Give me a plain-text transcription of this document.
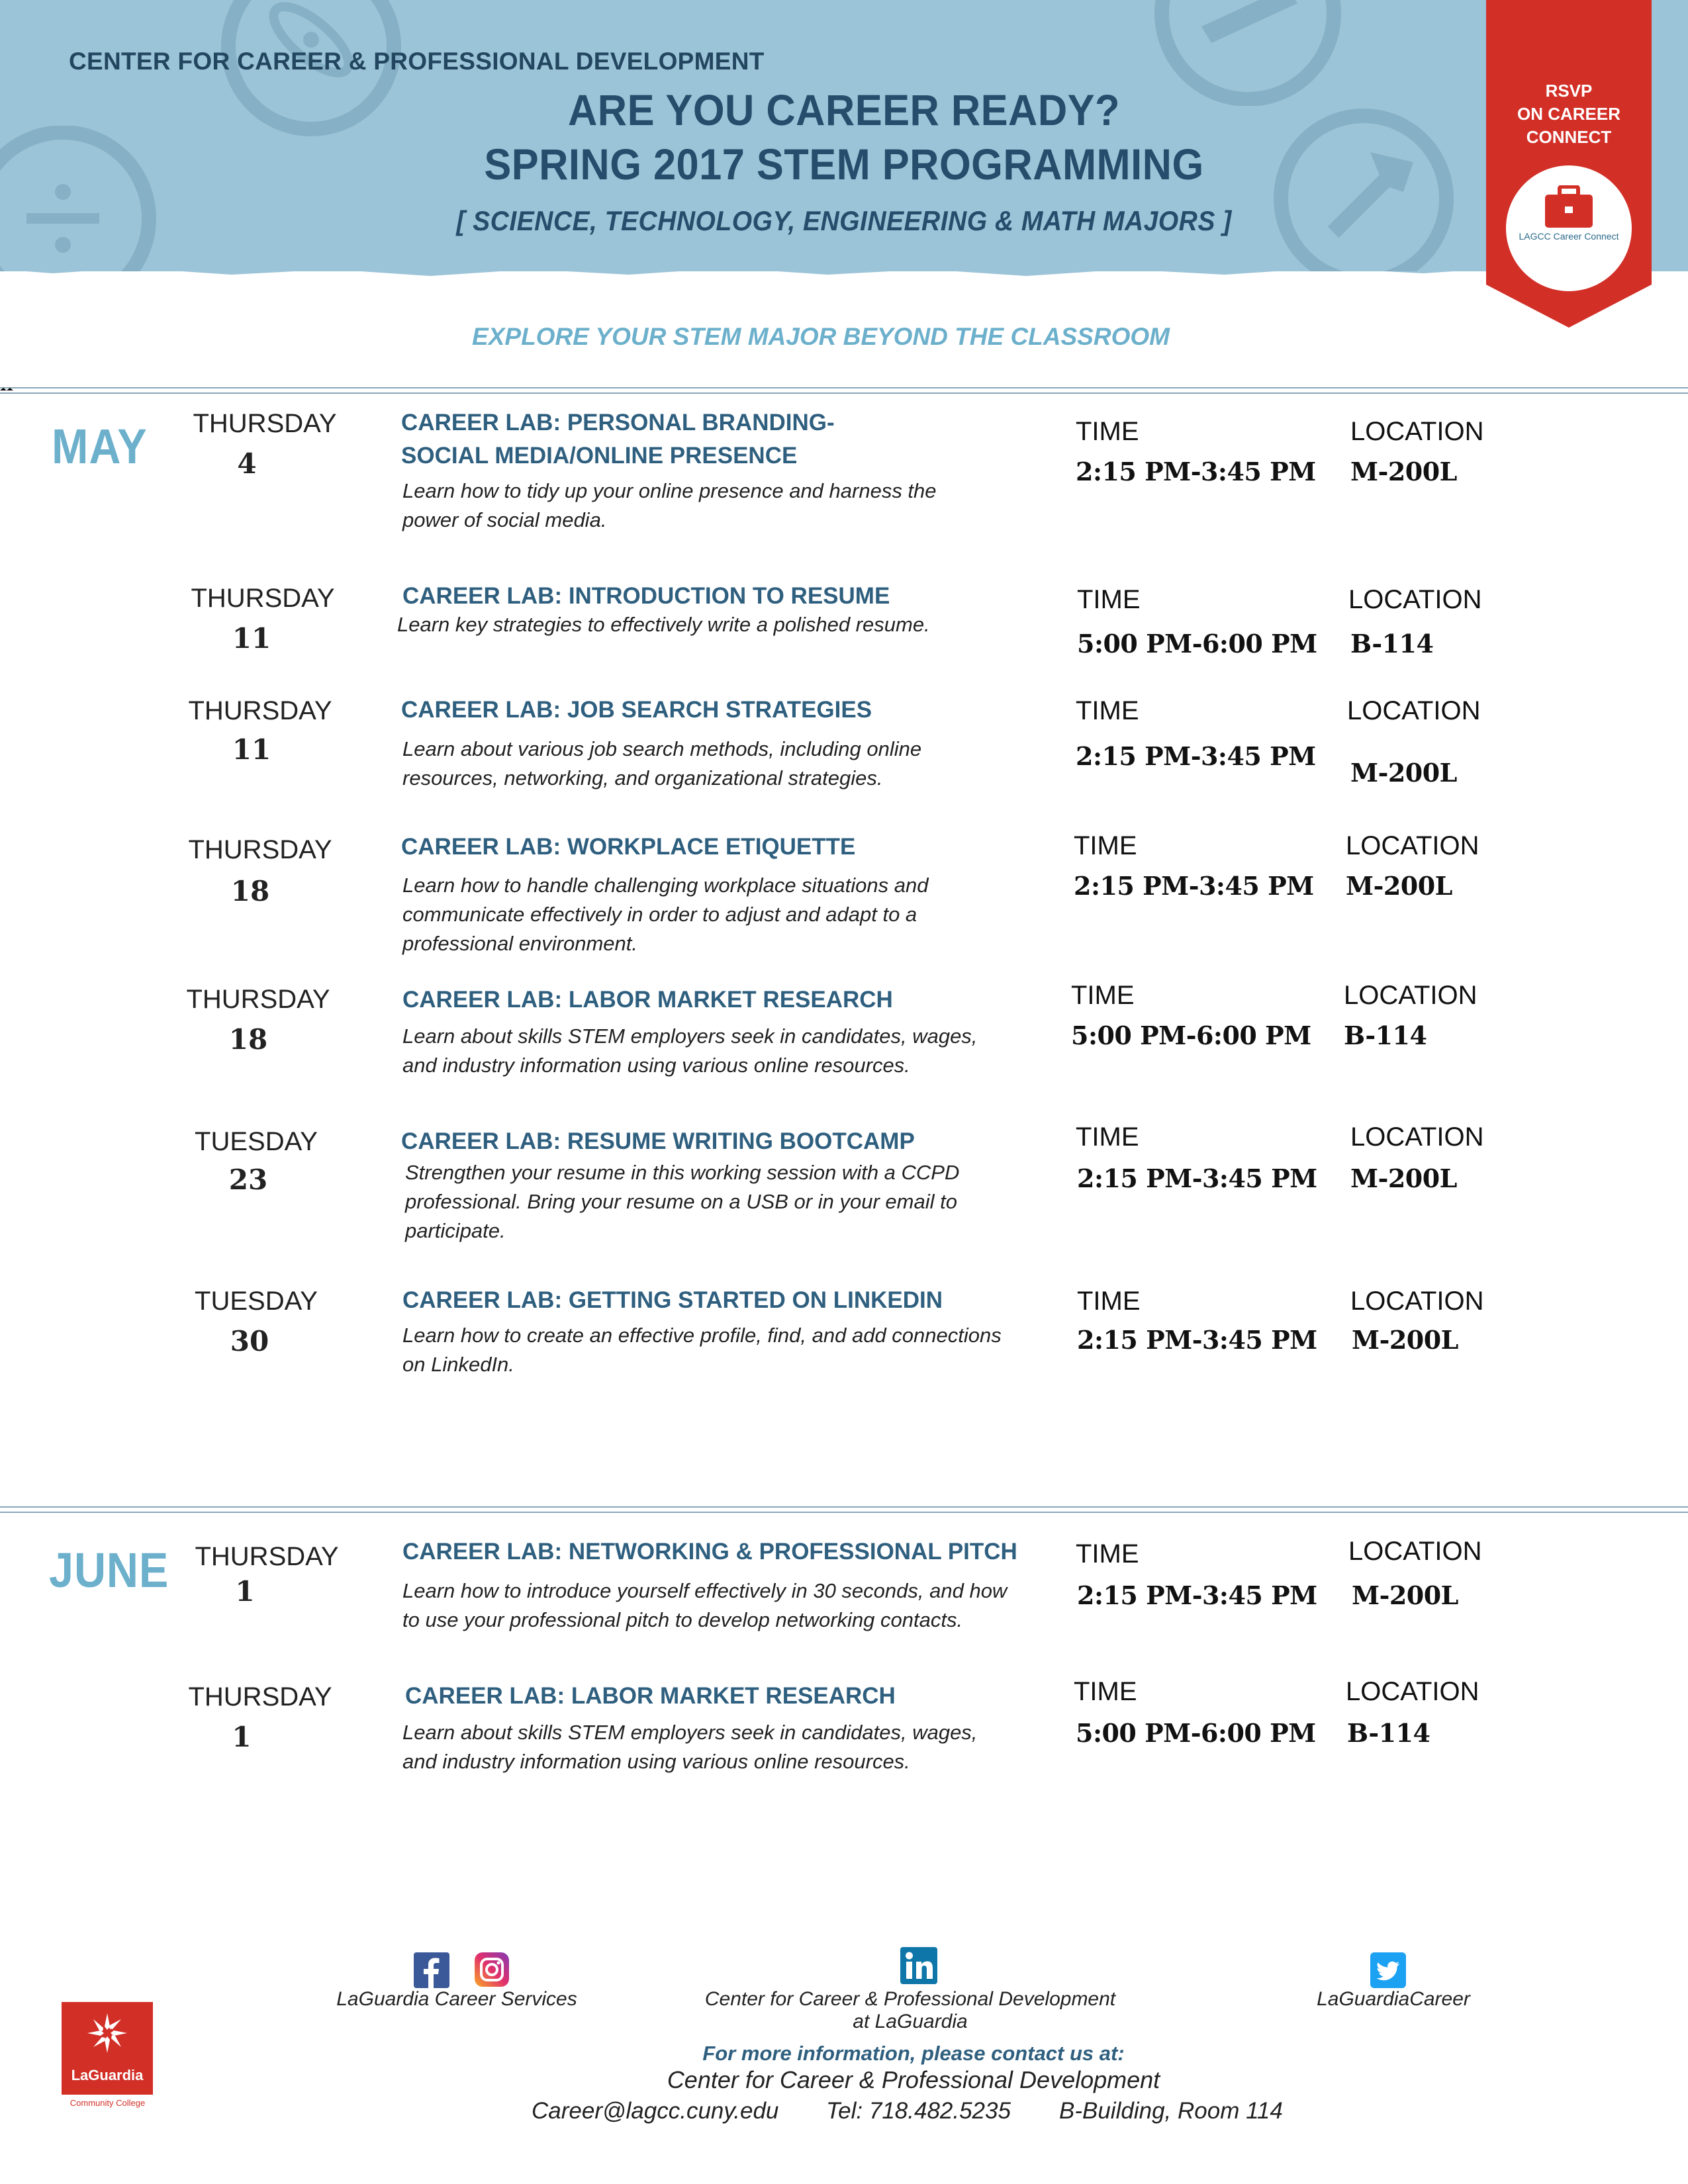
CENTER FOR CAREER & PROFESSIONAL DEVELOPMENT
ARE YOU CAREER READY?
SPRING 2017 STEM PROGRAMMING
[ SCIENCE, TECHNOLOGY, ENGINEERING & MATH MAJORS ]
RSVP
ON CAREER
CONNECT
LAGCC Career Connect
EXPLORE YOUR STEM MAJOR BEYOND THE CLASSROOM
MAY THURSDAY
4
CAREER LAB: PERSONAL BRANDING-
SOCIAL MEDIA/ONLINE PRESENCE
Learn how to tidy up your online presence and harness the
power of social media.
TIME
2:15 PM-3:45 PM
LOCATION
M-200L
THURSDAY
11
CAREER LAB: INTRODUCTION TO RESUME
Learn key strategies to effectively write a polished resume.
TIME
5:00 PM-6:00 PM
LOCATION
B-114
THURSDAY
11
CAREER LAB: JOB SEARCH STRATEGIES
Learn about various job search methods, including online
resources, networking, and organizational strategies.
TIME
2:15 PM-3:45 PM
LOCATION
M-200L
THURSDAY
18
CAREER LAB: WORKPLACE ETIQUETTE
Learn how to handle challenging workplace situations and
communicate effectively in order to adjust and adapt to a
professional environment.
TIME
2:15 PM-3:45 PM
LOCATION
M-200L
THURSDAY
18
CAREER LAB: LABOR MARKET RESEARCH
Learn about skills STEM employers seek in candidates, wages,
and industry information using various online resources.
TIME
5:00 PM-6:00 PM
LOCATION
B-114
TUESDAY
23
CAREER LAB: RESUME WRITING BOOTCAMP
Strengthen your resume in this working session with a CCPD
professional. Bring your resume on a USB or in your email to
participate.
TIME
2:15 PM-3:45 PM
LOCATION
M-200L
TUESDAY
30
CAREER LAB: GETTING STARTED ON LINKEDIN
Learn how to create an effective profile, find, and add connections
on LinkedIn.
TIME
2:15 PM-3:45 PM
LOCATION
M-200L
JUNE THURSDAY
1
CAREER LAB: NETWORKING & PROFESSIONAL PITCH
Learn how to introduce yourself effectively in 30 seconds, and how
to use your professional pitch to develop networking contacts.
TIME
2:15 PM-3:45 PM
LOCATION
M-200L
THURSDAY
1
CAREER LAB: LABOR MARKET RESEARCH
Learn about skills STEM employers seek in candidates, wages,
and industry information using various online resources.
TIME
5:00 PM-6:00 PM
LOCATION
B-114
LaGuardia Career Services	Center for Career & Professional Development
at LaGuardia
LaGuardiaCareer
For more information, please contact us at:
Center for Career & Professional Development
Career@lagcc.cuny.edu Tel: 718.482.5235 B-Building, Room 114
LaGuardia
Community College
